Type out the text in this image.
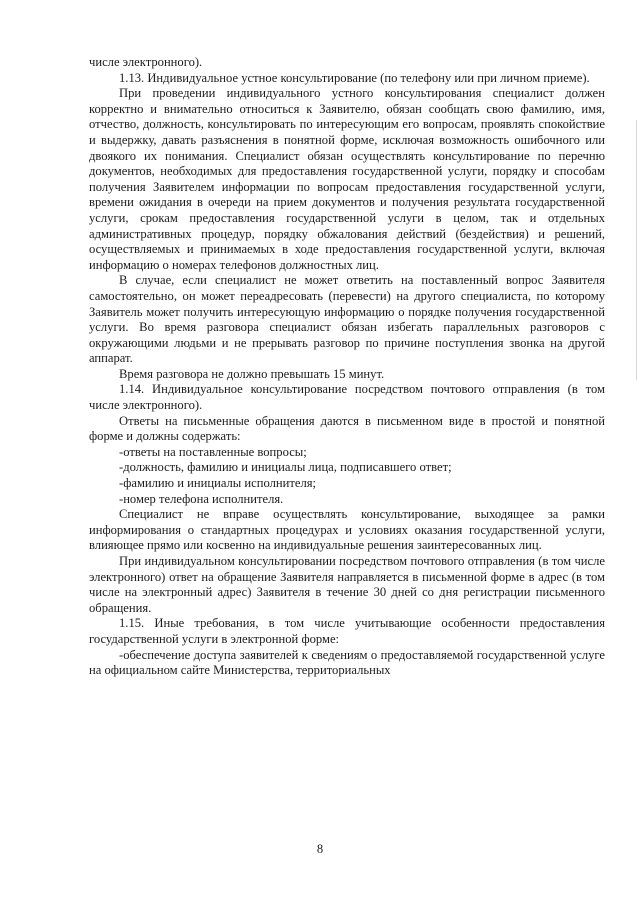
числе электронного).

1.13. Индивидуальное устное консультирование (по телефону или при личном приеме).

При проведении индивидуального устного консультирования специалист должен корректно и внимательно относиться к Заявителю, обязан сообщать свою фамилию, имя, отчество, должность, консультировать по интересующим его вопросам, проявлять спокойствие и выдержку, давать разъяснения в понятной форме, исключая возможность ошибочного или двоякого их понимания. Специалист обязан осуществлять консультирование по перечню документов, необходимых для предоставления государственной услуги, порядку и способам получения Заявителем информации по вопросам предоставления государственной услуги, времени ожидания в очереди на прием документов и получения результата государственной услуги, срокам предоставления государственной услуги в целом, так и отдельных административных процедур, порядку обжалования действий (бездействия) и решений, осуществляемых и принимаемых в ходе предоставления государственной услуги, включая информацию о номерах телефонов должностных лиц.

В случае, если специалист не может ответить на поставленный вопрос Заявителя самостоятельно, он может переадресовать (перевести) на другого специалиста, по которому Заявитель может получить интересующую информацию о порядке получения государственной услуги. Во время разговора специалист обязан избегать параллельных разговоров с окружающими людьми и не прерывать разговор по причине поступления звонка на другой аппарат.

Время разговора не должно превышать 15 минут.

1.14. Индивидуальное консультирование посредством почтового отправления (в том числе электронного).

Ответы на письменные обращения даются в письменном виде в простой и понятной форме и должны содержать:

-ответы на поставленные вопросы;

-должность, фамилию и инициалы лица, подписавшего ответ;

-фамилию и инициалы исполнителя;

-номер телефона исполнителя.

Специалист не вправе осуществлять консультирование, выходящее за рамки информирования о стандартных процедурах и условиях оказания государственной услуги, влияющее прямо или косвенно на индивидуальные решения заинтересованных лиц.

При индивидуальном консультировании посредством почтового отправления (в том числе электронного) ответ на обращение Заявителя направляется в письменной форме в адрес (в том числе на электронный адрес) Заявителя в течение 30 дней со дня регистрации письменного обращения.

1.15. Иные требования, в том числе учитывающие особенности предоставления государственной услуги в электронной форме:

-обеспечение доступа заявителей к сведениям о предоставляемой государственной услуге на официальном сайте Министерства, территориальных

8
